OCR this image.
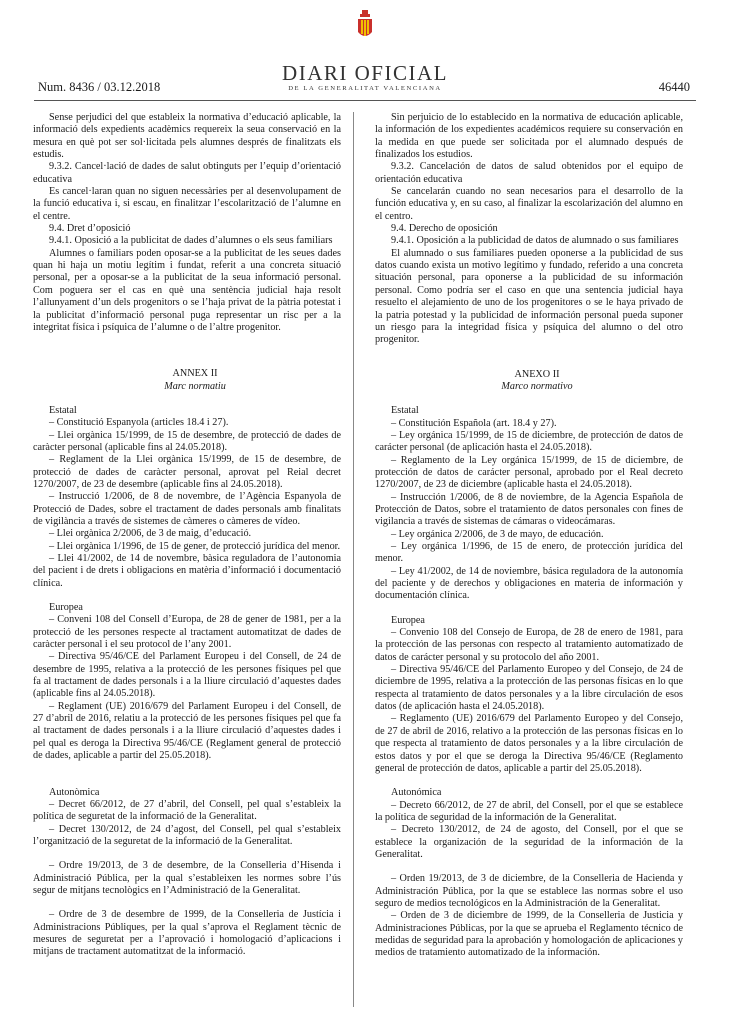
Num. 8436 / 03.12.2018
DIARI OFICIAL
DE LA GENERALITAT VALENCIANA	46440

Sense perjudici del que estableix la normativa d’educació aplicable, la informació dels expedients acadèmics requereix la seua conservació en la mesura en què pot ser sol·licitada pels alumnes després de finalitzats els estudis.

9.3.2. Cancel·lació de dades de salut obtinguts per l’equip d’orientació educativa

Es cancel·laran quan no siguen necessàries per al desenvolupament de la funció educativa i, si escau, en finalitzar l’escolarització de l’alumne en el centre.

9.4. Dret d’oposició

9.4.1. Oposició a la publicitat de dades d’alumnes o els seus familiars

Alumnes o familiars poden oposar-se a la publicitat de les seues dades quan hi haja un motiu legítim i fundat, referit a una concreta situació personal, per a oposar-se a la publicitat de la seua informació personal. Com poguera ser el cas en què una sentència judicial haja resolt l’allunyament d’un dels progenitors o se l’haja privat de la pàtria potestat i la publicitat d’informació personal puga representar un risc per a la integritat física i psíquica de l’alumne o de l’altre progenitor.

ANNEX II

Marc normatiu

Estatal

– Constitució Espanyola (articles 18.4 i 27).

– Llei orgànica 15/1999, de 15 de desembre, de protecció de dades de caràcter personal (aplicable fins al 24.05.2018).

– Reglament de la Llei orgànica 15/1999, de 15 de desembre, de protecció de dades de caràcter personal, aprovat pel Reial decret 1270/2007, de 23 de desembre (aplicable fins al 24.05.2018).

– Instrucció 1/2006, de 8 de novembre, de l’Agència Espanyola de Protecció de Dades, sobre el tractament de dades personals amb finalitats de vigilància a través de sistemes de càmeres o càmeres de vídeo.

– Llei orgànica 2/2006, de 3 de maig, d’educació.

– Llei orgànica 1/1996, de 15 de gener, de protecció jurídica del menor.

– Llei 41/2002, de 14 de novembre, bàsica reguladora de l’autonomia del pacient i de drets i obligacions en matèria d’informació i documentació clínica.

Europea

– Conveni 108 del Consell d’Europa, de 28 de gener de 1981, per a la protecció de les persones respecte al tractament automatitzat de dades de caràcter personal i el seu protocol de l’any 2001.

– Directiva 95/46/CE del Parlament Europeu i del Consell, de 24 de desembre de 1995, relativa a la protecció de les persones físiques pel que fa al tractament de dades personals i a la lliure circulació d’aquestes dades (aplicable fins al 24.05.2018).

– Reglament (UE) 2016/679 del Parlament Europeu i del Consell, de 27 d’abril de 2016, relatiu a la protecció de les persones físiques pel que fa al tractament de dades personals i a la lliure circulació d’aquestes dades i pel qual es deroga la Directiva 95/46/CE (Reglament general de protecció de dades, aplicable a partir del 25.05.2018).

Autonòmica

– Decret 66/2012, de 27 d’abril, del Consell, pel qual s’estableix la política de seguretat de la informació de la Generalitat.

– Decret 130/2012, de 24 d’agost, del Consell, pel qual s’estableix l’organització de la seguretat de la informació de la Generalitat.

– Ordre 19/2013, de 3 de desembre, de la Conselleria d’Hisenda i Administració Pública, per la qual s’estableixen les normes sobre l’ús segur de mitjans tecnològics en l’Administració de la Generalitat.

– Ordre de 3 de desembre de 1999, de la Conselleria de Justícia i Administracions Públiques, per la qual s’aprova el Reglament tècnic de mesures de seguretat per a l’aprovació i homologació d’aplicacions i mitjans de tractament automatitzat de la informació.

Sin perjuicio de lo establecido en la normativa de educación aplicable, la información de los expedientes académicos requiere su conservación en la medida en que puede ser solicitada por el alumnado después de finalizados los estudios.

9.3.2. Cancelación de datos de salud obtenidos por el equipo de orientación educativa

Se cancelarán cuando no sean necesarios para el desarrollo de la función educativa y, en su caso, al finalizar la escolarización del alumno en el centro.

9.4. Derecho de oposición

9.4.1. Oposición a la publicidad de datos de alumnado o sus familiares

El alumnado o sus familiares pueden oponerse a la publicidad de sus datos cuando exista un motivo legítimo y fundado, referido a una concreta situación personal, para oponerse a la publicidad de su información personal. Como podría ser el caso en que una sentencia judicial haya resuelto el alejamiento de uno de los progenitores o se le haya privado de la patria potestad y la publicidad de información personal pueda suponer un riesgo para la integridad física y psíquica del alumno o del otro progenitor.

ANEXO II

Marco normativo

Estatal

– Constitución Española (art. 18.4 y 27).

– Ley orgánica 15/1999, de 15 de diciembre, de protección de datos de carácter personal (de aplicación hasta el 24.05.2018).

– Reglamento de la Ley orgánica 15/1999, de 15 de diciembre, de protección de datos de carácter personal, aprobado por el Real decreto 1270/2007, de 23 de diciembre (aplicable hasta el 24.05.2018).

– Instrucción 1/2006, de 8 de noviembre, de la Agencia Española de Protección de Datos, sobre el tratamiento de datos personales con fines de vigilancia a través de sistemas de cámaras o videocámaras.

– Ley orgánica 2/2006, de 3 de mayo, de educación.

– Ley orgánica 1/1996, de 15 de enero, de protección jurídica del menor.

– Ley 41/2002, de 14 de noviembre, básica reguladora de la autonomía del paciente y de derechos y obligaciones en materia de información y documentación clínica.

Europea

– Convenio 108 del Consejo de Europa, de 28 de enero de 1981, para la protección de las personas con respecto al tratamiento automatizado de datos de carácter personal y su protocolo del año 2001.

– Directiva 95/46/CE del Parlamento Europeo y del Consejo, de 24 de diciembre de 1995, relativa a la protección de las personas físicas en lo que respecta al tratamiento de datos personales y a la libre circulación de esos datos (de aplicación hasta el 24.05.2018).

– Reglamento (UE) 2016/679 del Parlamento Europeo y del Consejo, de 27 de abril de 2016, relativo a la protección de las personas físicas en lo que respecta al tratamiento de datos personales y a la libre circulación de estos datos y por el que se deroga la Directiva 95/46/CE (Reglamento general de protección de datos, aplicable a partir del 25.05.2018).

Autonómica

– Decreto 66/2012, de 27 de abril, del Consell, por el que se establece la política de seguridad de la información de la Generalitat.

– Decreto 130/2012, de 24 de agosto, del Consell, por el que se establece la organización de la seguridad de la información de la Generalitat.

– Orden 19/2013, de 3 de diciembre, de la Conselleria de Hacienda y Administración Pública, por la que se establece las normas sobre el uso seguro de medios tecnológicos en la Administración de la Generalitat.

– Orden de 3 de diciembre de 1999, de la Conselleria de Justicia y Administraciones Públicas, por la que se aprueba el Reglamento técnico de medidas de seguridad para la aprobación y homologación de aplicaciones y medios de tratamiento automatizado de la información.
